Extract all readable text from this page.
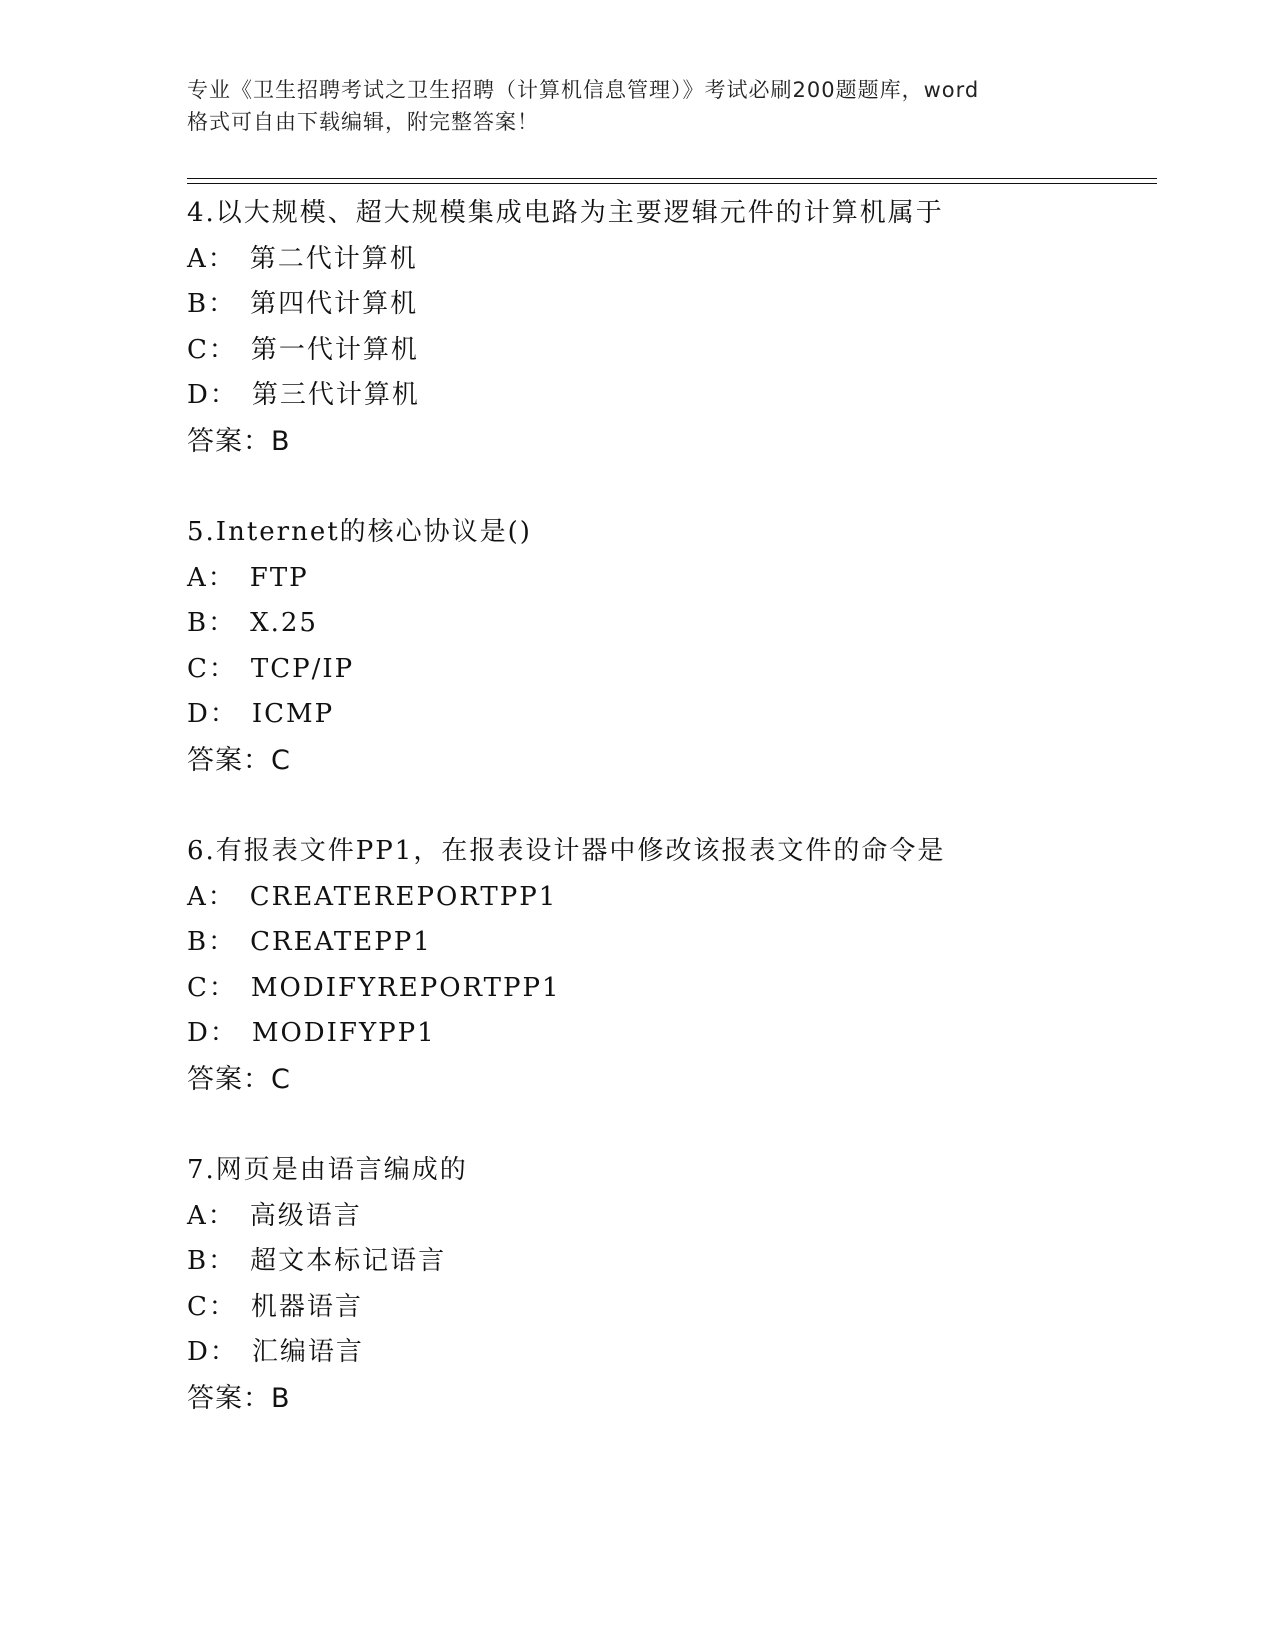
专业《卫生招聘考试之卫生招聘（计算机信息管理）》考试必刷200题题库，word
格式可自由下载编辑，附完整答案！
4.以大规模、超大规模集成电路为主要逻辑元件的计算机属于
A： 第二代计算机
B： 第四代计算机
C： 第一代计算机
D： 第三代计算机
答案：B
5.Internet的核心协议是()
A： FTP
B： X.25
C： TCP/IP
D： ICMP
答案：C
6.有报表文件PP1，在报表设计器中修改该报表文件的命令是
A： CREATEREPORTPP1
B： CREATEPP1
C： MODIFYREPORTPP1
D： MODIFYPP1
答案：C
7.网页是由语言编成的
A： 高级语言
B： 超文本标记语言
C： 机器语言
D： 汇编语言
答案：B
